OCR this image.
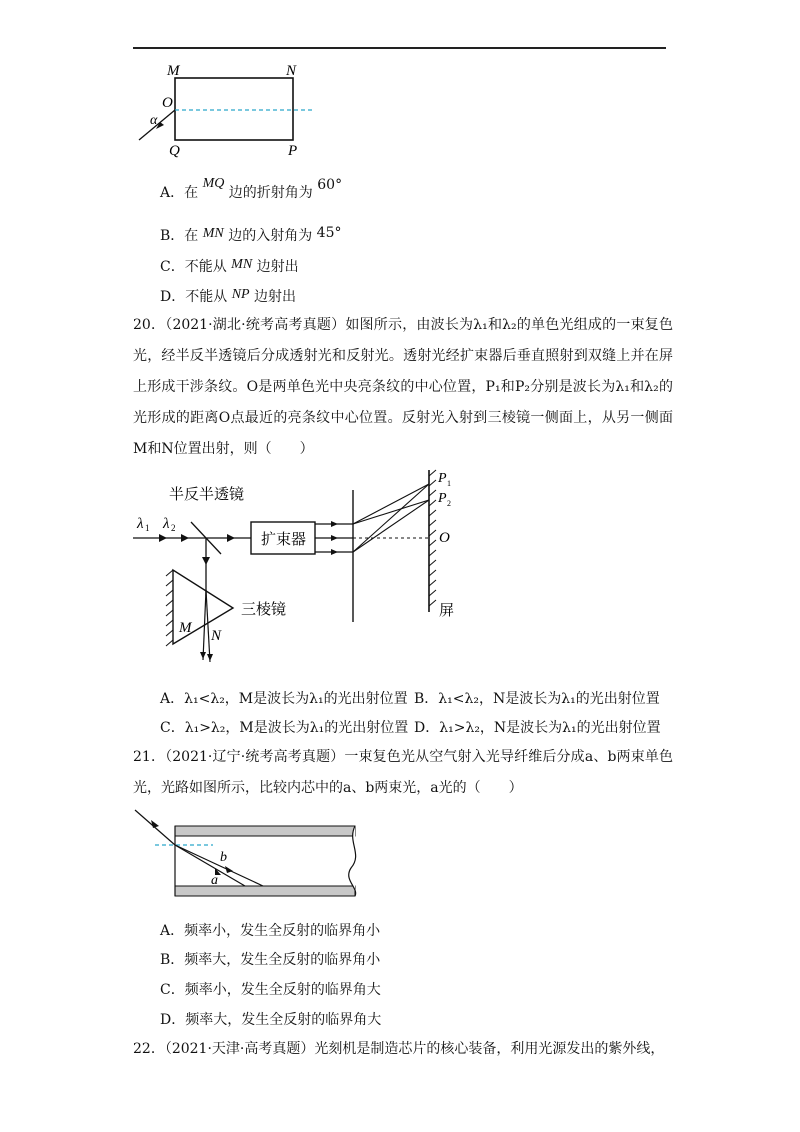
M	N
O
α
Q	P
A．在 MQ 边的折射角为 60°
B．在 MN 边的入射角为 45°
C．不能从 MN 边射出
D．不能从 NP 边射出
20．（2021·湖北·统考高考真题）如图所示，由波长为λ₁和λ₂的单色光组成的一束复色光，经半反半透镜后分成透射光和反射光。透射光经扩束器后垂直照射到双缝上并在屏上形成干涉条纹。O是两单色光中央亮条纹的中心位置，P₁和P₂分别是波长为λ₁和λ₂的光形成的距离O点最近的亮条纹中心位置。反射光入射到三棱镜一侧面上，从另一侧面M和N位置出射，则（　　）
半反半透镜
λ 1 λ 2
扩束器
P 1
P 2
O
屏
三棱镜
M N
A．λ₁<λ₂，M是波长为λ₁的光出射位置 B．λ₁<λ₂，N是波长为λ₁的光出射位置
C．λ₁>λ₂，M是波长为λ₁的光出射位置 D．λ₁>λ₂，N是波长为λ₁的光出射位置
21．（2021·辽宁·统考高考真题）一束复色光从空气射入光导纤维后分成a、b两束单色光，光路如图所示，比较内芯中的a、b两束光，a光的（　　）
b
a
A．频率小，发生全反射的临界角小
B．频率大，发生全反射的临界角小
C．频率小，发生全反射的临界角大
D．频率大，发生全反射的临界角大
22．（2021·天津·高考真题）光刻机是制造芯片的核心装备，利用光源发出的紫外线，
